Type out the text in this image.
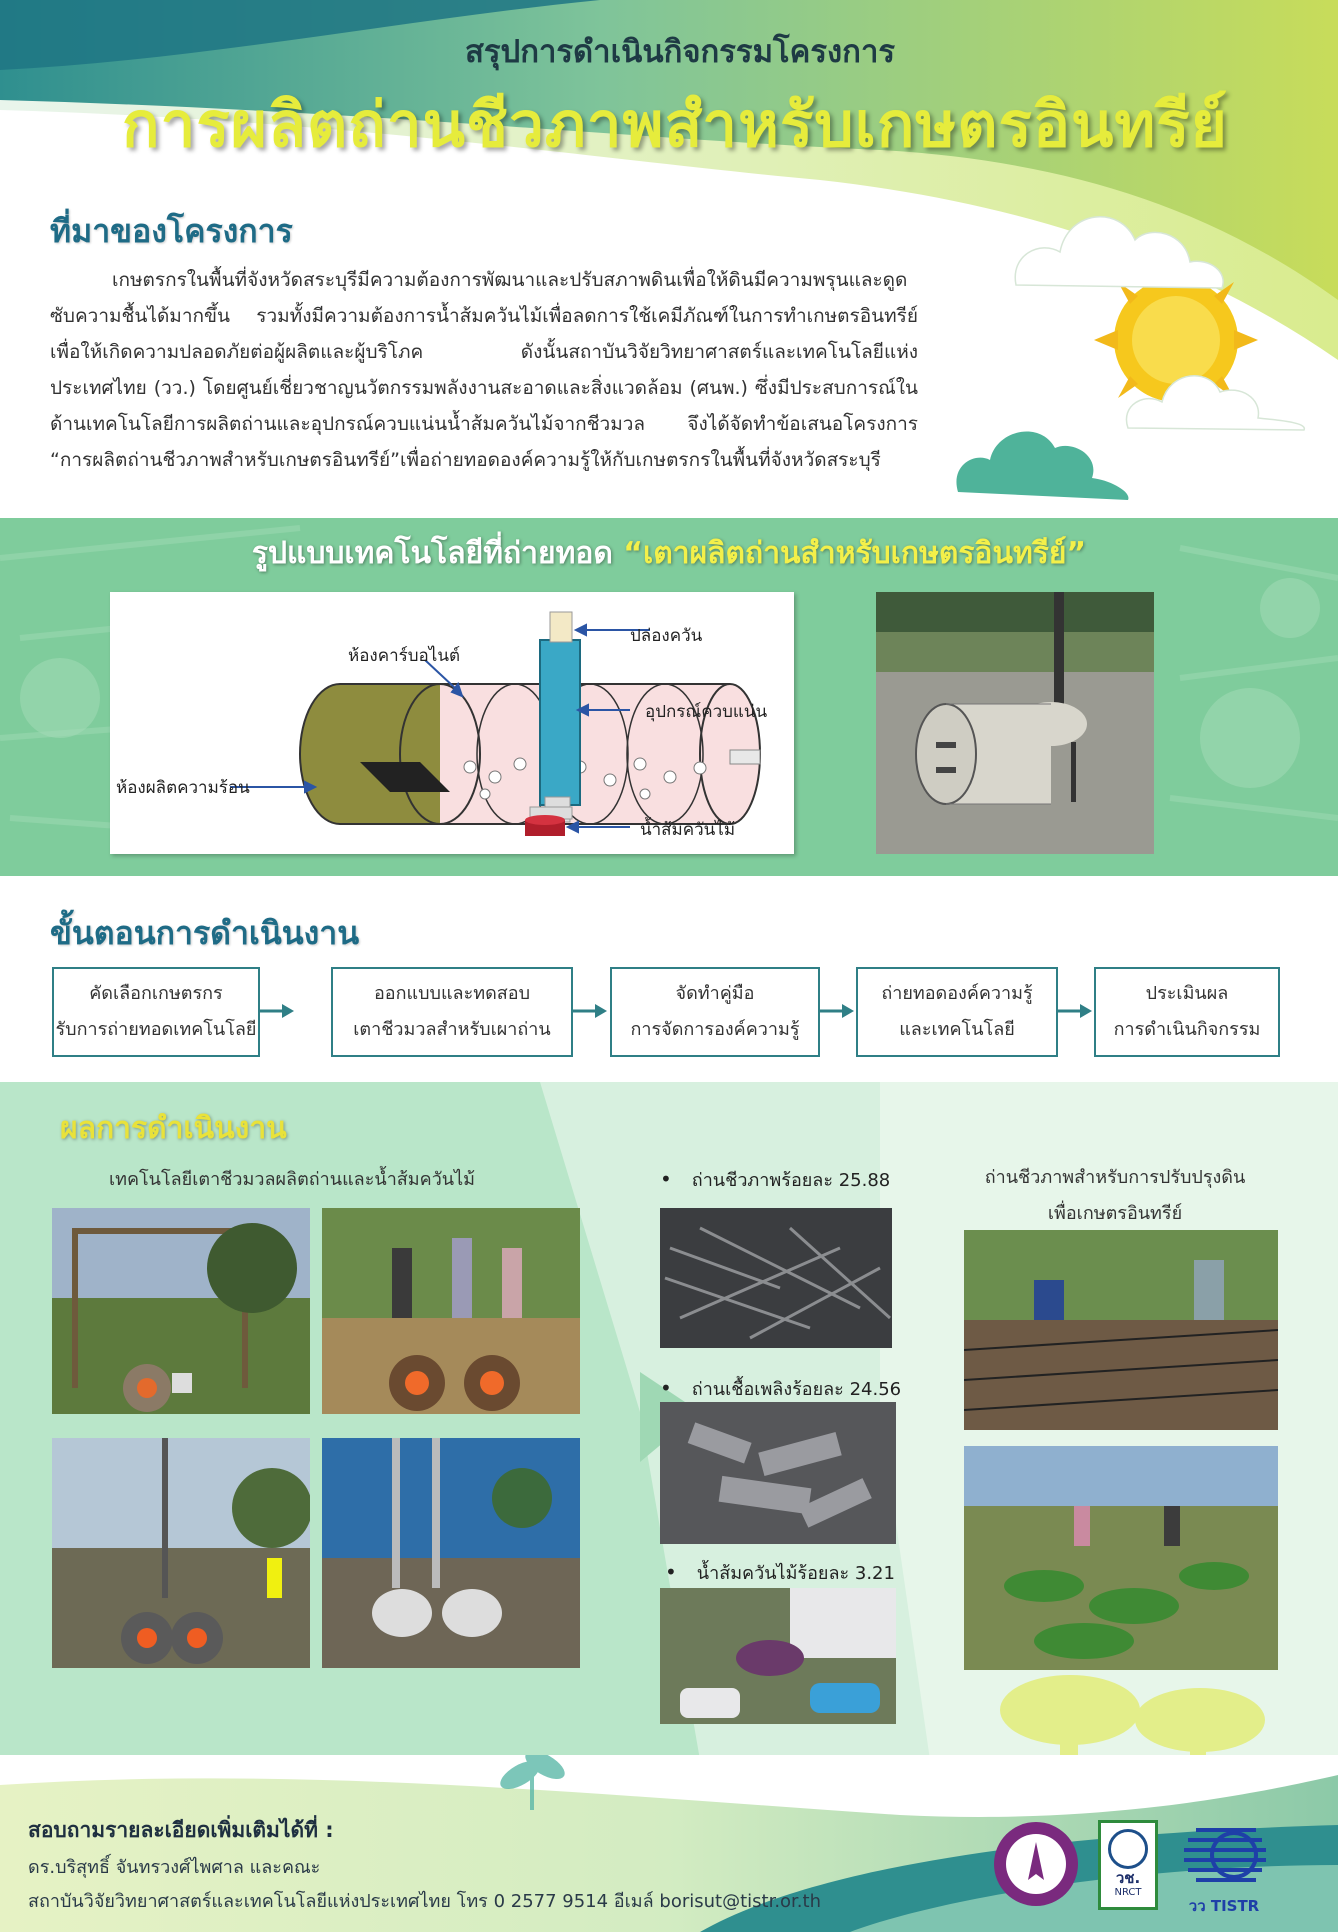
สรุปการดำเนินกิจกรรมโครงการ
การผลิตถ่านชีวภาพสำหรับเกษตรอินทรีย์
ที่มาของโครงการ

เกษตรกรในพื้นที่จังหวัดสระบุรีมีความต้องการพัฒนาและปรับสภาพดินเพื่อให้ดินมีความพรุนและดูดซับความชื้นได้มากขึ้น รวมทั้งมีความต้องการน้ำส้มควันไม้เพื่อลดการใช้เคมีภัณฑ์ในการทำเกษตรอินทรีย์เพื่อให้เกิดความปลอดภัยต่อผู้ผลิตและผู้บริโภค ดังนั้นสถาบันวิจัยวิทยาศาสตร์และเทคโนโลยีแห่งประเทศไทย (วว.) โดยศูนย์เชี่ยวชาญนวัตกรรมพลังงานสะอาดและสิ่งแวดล้อม (ศนพ.) ซึ่งมีประสบการณ์ในด้านเทคโนโลยีการผลิตถ่านและอุปกรณ์ควบแน่นน้ำส้มควันไม้จากชีวมวล จึงได้จัดทำข้อเสนอโครงการ “การผลิตถ่านชีวภาพสำหรับเกษตรอินทรีย์”เพื่อถ่ายทอดองค์ความรู้ให้กับเกษตรกรในพื้นที่จังหวัดสระบุรี

รูปแบบเทคโนโลยีที่ถ่ายทอด “เตาผลิตถ่านสำหรับเกษตรอินทรีย์”
ปล่องควัน
ห้องคาร์บอไนต์
อุปกรณ์ควบแน่น
ห้องผลิตความร้อน
น้ำส้มควันไม้
ขั้นตอนการดำเนินงาน
คัดเลือกเกษตรกร
รับการถ่ายทอดเทคโนโลยี
ออกแบบและทดสอบ
เตาชีวมวลสำหรับเผาถ่าน
จัดทำคู่มือ
การจัดการองค์ความรู้
ถ่ายทอดองค์ความรู้
และเทคโนโลยี
ประเมินผล
การดำเนินกิจกรรม
ผลการดำเนินงาน
เทคโนโลยีเตาชีวมวลผลิตถ่านและน้ำส้มควันไม้
•	ถ่านชีวภาพร้อยละ 25.88
• ถ่านเชื้อเพลิงร้อยละ 24.56
• น้ำส้มควันไม้ร้อยละ 3.21
ถ่านชีวภาพสำหรับการปรับปรุงดิน
เพื่อเกษตรอินทรีย์
สอบถามรายละเอียดเพิ่มเติมได้ที่ :
ดร.บริสุทธิ์ จันทรวงศ์ไพศาล และคณะ
สถาบันวิจัยวิทยาศาสตร์และเทคโนโลยีแห่งประเทศไทย โทร 0 2577 9514 อีเมล์ borisut@tistr.or.th
วช.
NRCT
วว TISTR
